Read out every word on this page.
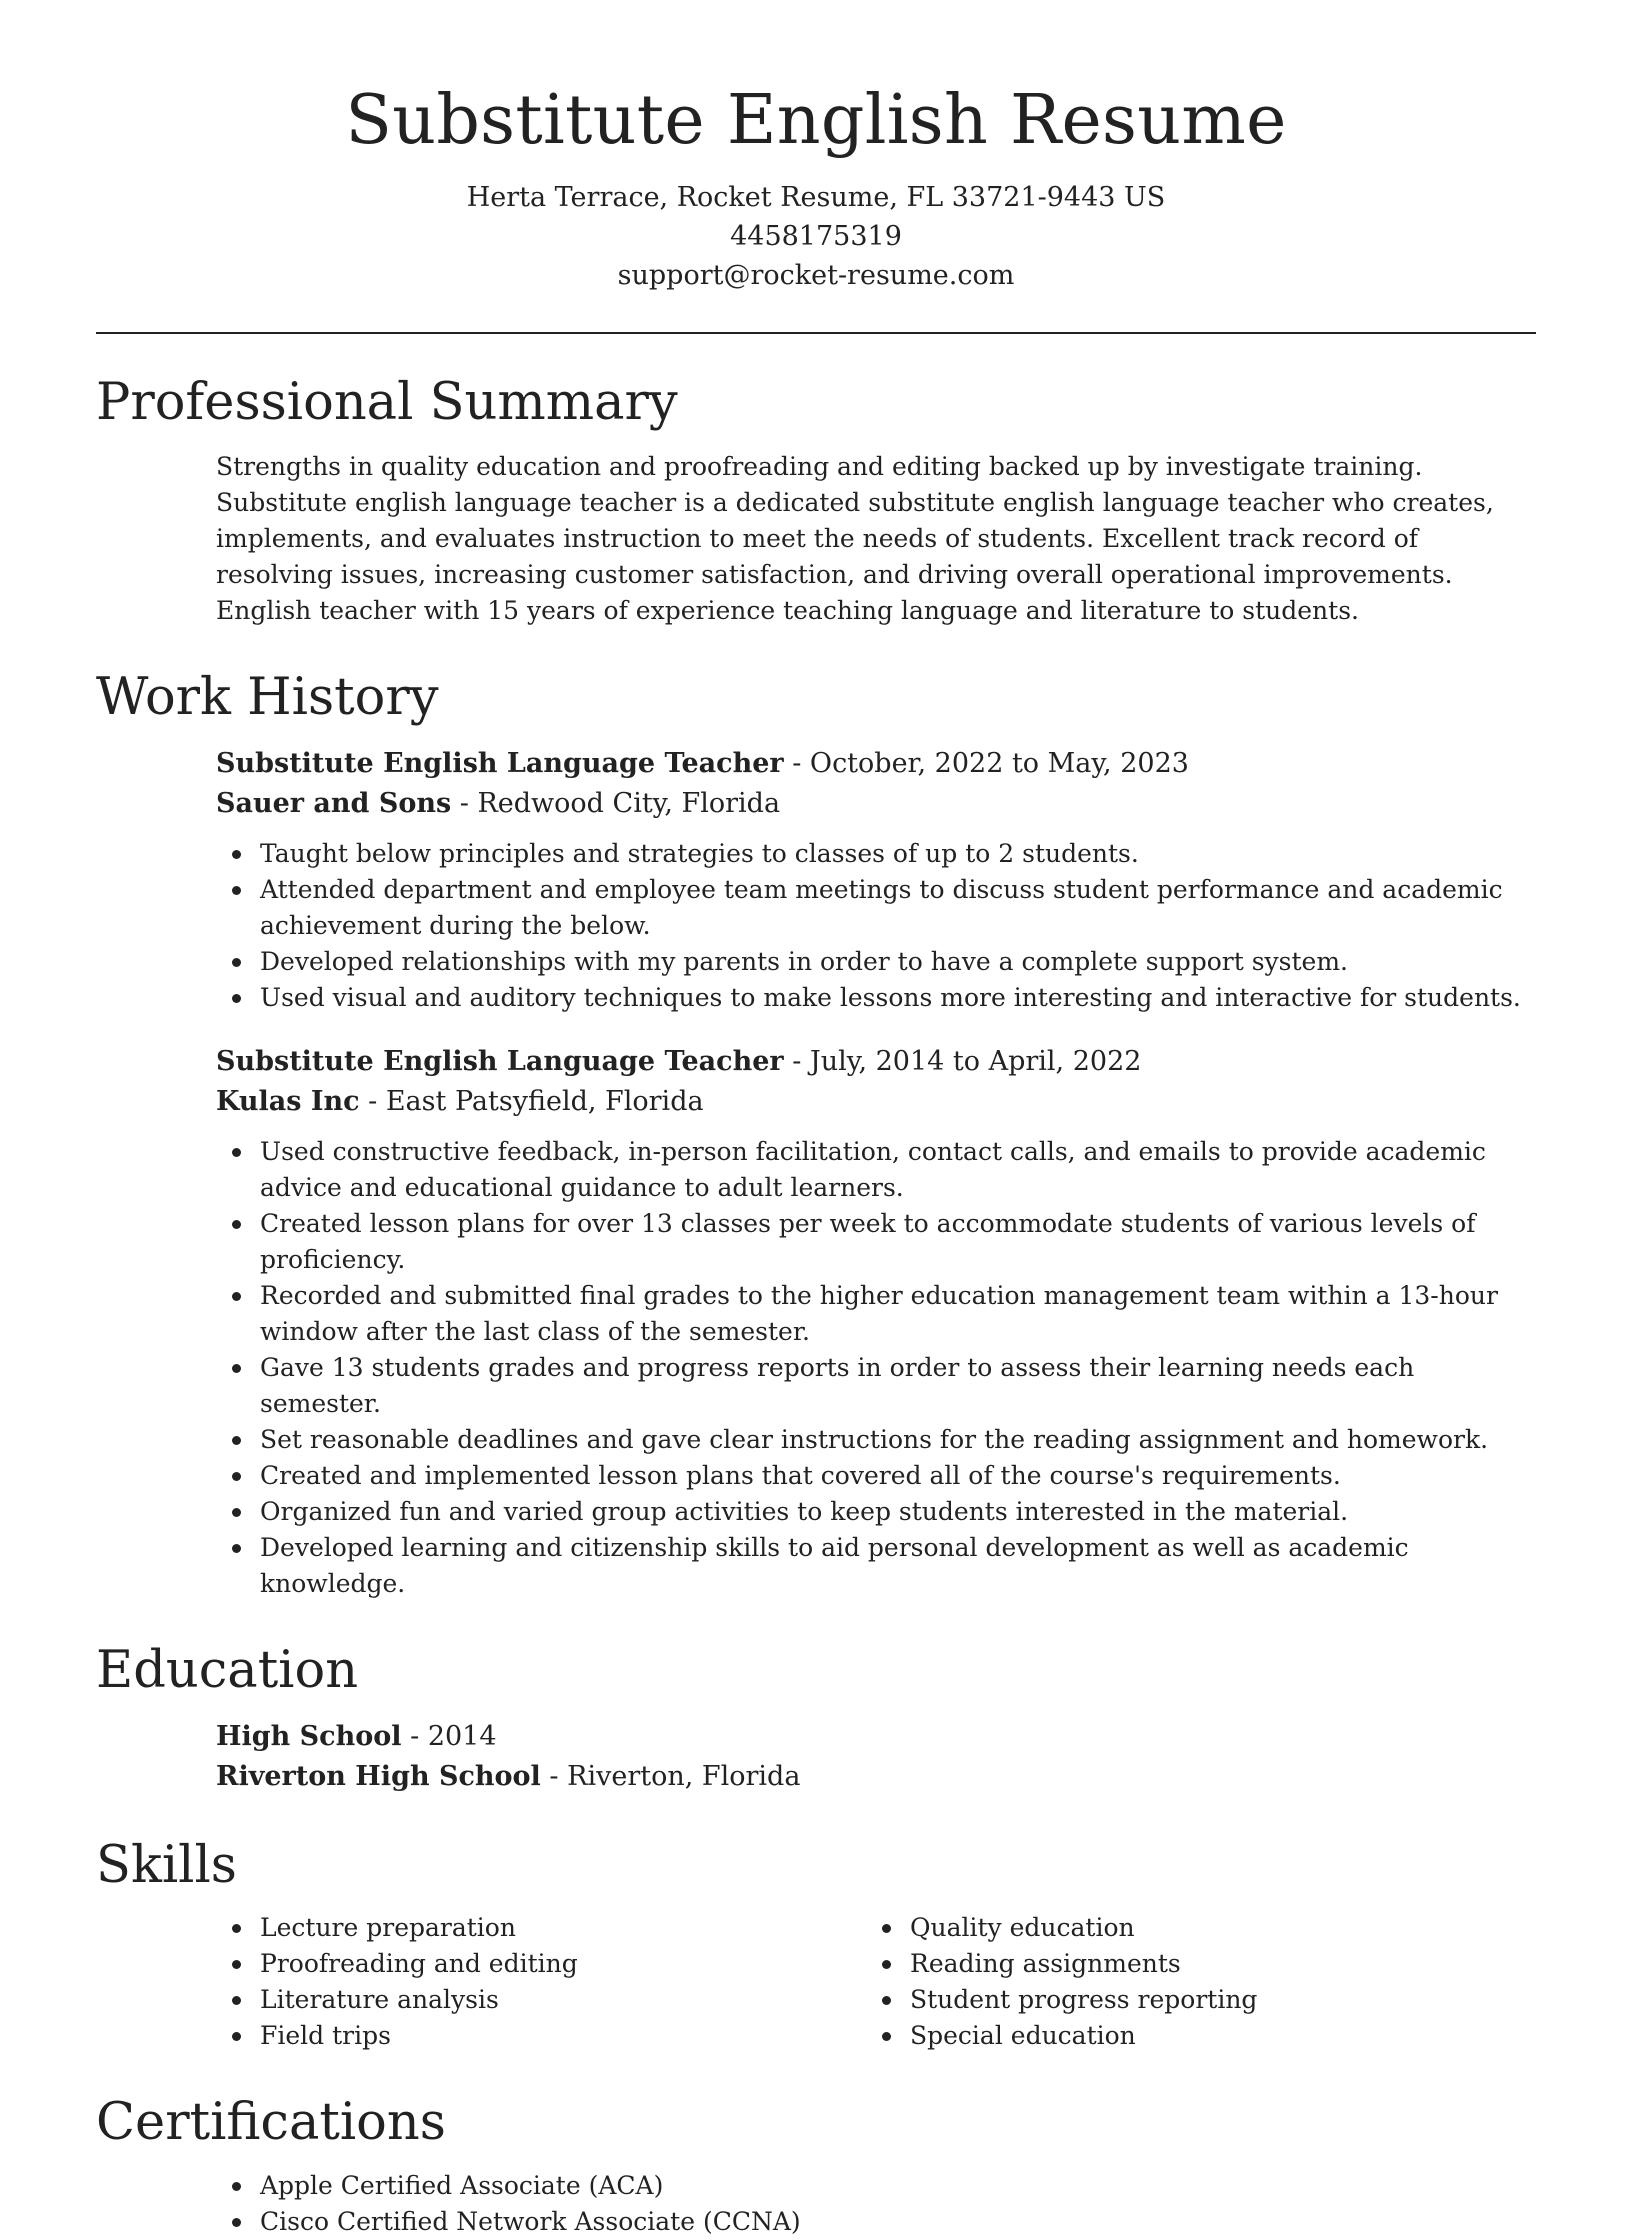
Substitute English Resume
Herta Terrace, Rocket Resume, FL 33721-9443 US
4458175319
support@rocket-resume.com
Professional Summary

Strengths in quality education and proofreading and editing backed up by investigate training. Substitute english language teacher is a dedicated substitute english language teacher who creates, implements, and evaluates instruction to meet the needs of students. Excellent track record of resolving issues, increasing customer satisfaction, and driving overall operational improvements. English teacher with 15 years of experience teaching language and literature to students.

Work History
Substitute English Language Teacher - October, 2022 to May, 2023
Sauer and Sons - Redwood City, Florida
Taught below principles and strategies to classes of up to 2 students.
Attended department and employee team meetings to discuss student performance and academic achievement during the below.
Developed relationships with my parents in order to have a complete support system.
Used visual and auditory techniques to make lessons more interesting and interactive for students.
Substitute English Language Teacher - July, 2014 to April, 2022
Kulas Inc - East Patsyfield, Florida
Used constructive feedback, in-person facilitation, contact calls, and emails to provide academic advice and educational guidance to adult learners.
Created lesson plans for over 13 classes per week to accommodate students of various levels of proficiency.
Recorded and submitted final grades to the higher education management team within a 13-hour window after the last class of the semester.
Gave 13 students grades and progress reports in order to assess their learning needs each semester.
Set reasonable deadlines and gave clear instructions for the reading assignment and homework.
Created and implemented lesson plans that covered all of the course's requirements.
Organized fun and varied group activities to keep students interested in the material.
Developed learning and citizenship skills to aid personal development as well as academic knowledge.
Education
High School - 2014
Riverton High School - Riverton, Florida
Skills
Lecture preparation
Proofreading and editing
Literature analysis
Field trips
Quality education
Reading assignments
Student progress reporting
Special education
Certifications
Apple Certified Associate (ACA)
Cisco Certified Network Associate (CCNA)
